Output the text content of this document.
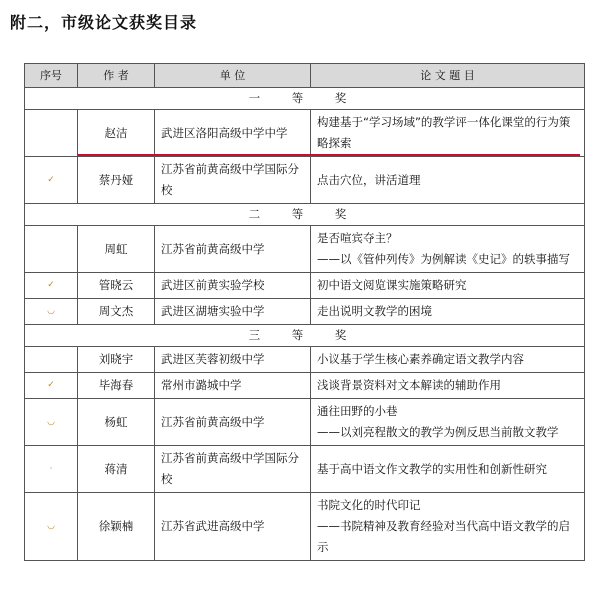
附二，市级论文获奖目录
序号	作 者	单 位	论 文 题 目
一 等 奖			
	赵洁	武进区洛阳高级中学中学	构建基于“学习场域”的教学评一体化课堂的行为策略探索

✓	蔡丹娅	江苏省前黄高级中学国际分校	点击穴位，讲活道理

二 等 奖			
	周虹	江苏省前黄高级中学	是否喧宾夺主？
——以《管仲列传》为例解读《史记》的轶事描写

✓	管晓云	武进区前黄实验学校	初中语文阅览课实施策略研究

◡	周文杰	武进区湖塘实验中学	走出说明文教学的困境

三 等 奖			
	刘晓宇	武进区芙蓉初级中学	小议基于学生核心素养确定语文教学内容

✓	毕海春	常州市潞城中学	浅谈背景资料对文本解读的辅助作用

◡	杨虹	江苏省前黄高级中学	通往田野的小巷
——以刘亮程散文的教学为例反思当前散文教学

·	蒋清	江苏省前黄高级中学国际分校	基于高中语文作文教学的实用性和创新性研究

◡	徐颖楠	江苏省武进高级中学	书院文化的时代印记
——书院精神及教育经验对当代高中语文教学的启示
